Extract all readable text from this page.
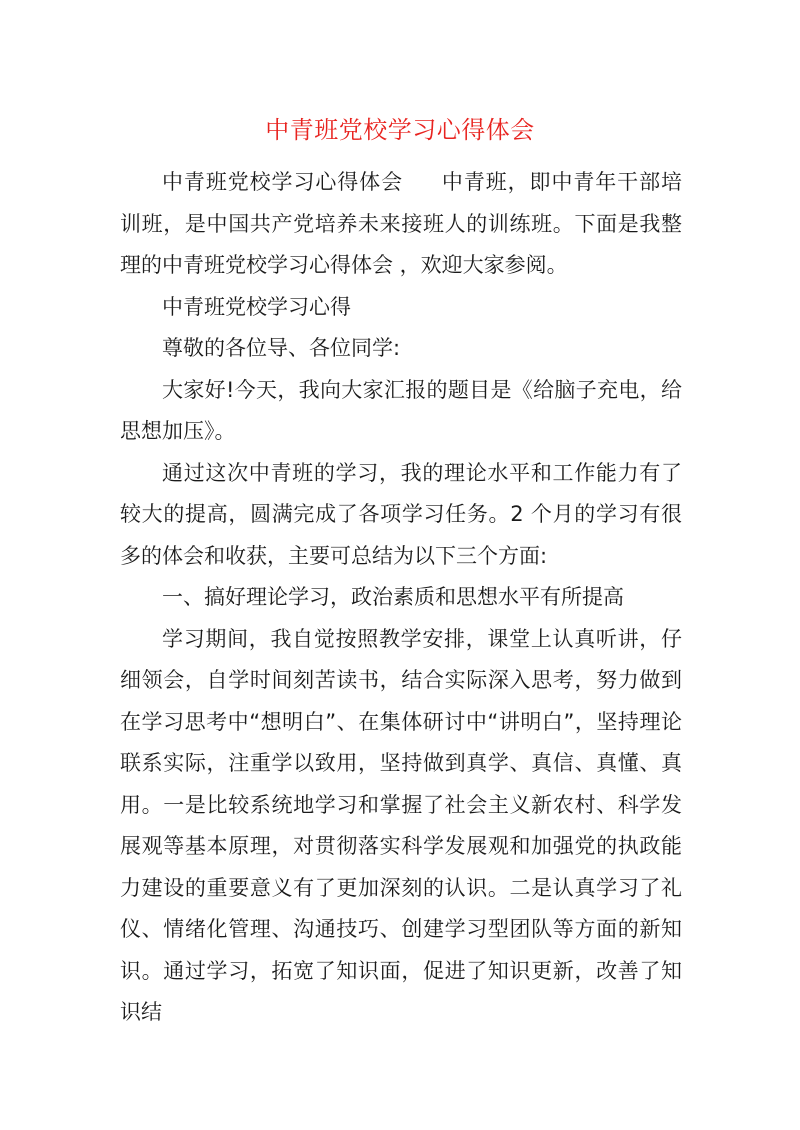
中青班党校学习心得体会

中青班党校学习心得体会 中青班，即中青年干部培训班，是中国共产党培养未来接班人的训练班。下面是我整理的中青班党校学习心得体会 ，欢迎大家参阅。

中青班党校学习心得

尊敬的各位导、各位同学:

大家好!今天，我向大家汇报的题目是《给脑子充电，给思想加压》。

通过这次中青班的学习，我的理论水平和工作能力有了较大的提高，圆满完成了各项学习任务。2 个月的学习有很多的体会和收获，主要可总结为以下三个方面:

一、搞好理论学习，政治素质和思想水平有所提高

学习期间，我自觉按照教学安排，课堂上认真听讲，仔细领会，自学时间刻苦读书，结合实际深入思考，努力做到在学习思考中“想明白”、在集体研讨中“讲明白”，坚持理论联系实际，注重学以致用，坚持做到真学、真信、真懂、真用。一是比较系统地学习和掌握了社会主义新农村、科学发展观等基本原理，对贯彻落实科学发展观和加强党的执政能力建设的重要意义有了更加深刻的认识。二是认真学习了礼仪、情绪化管理、沟通技巧、创建学习型团队等方面的新知识。通过学习，拓宽了知识面，促进了知识更新，改善了知识结
